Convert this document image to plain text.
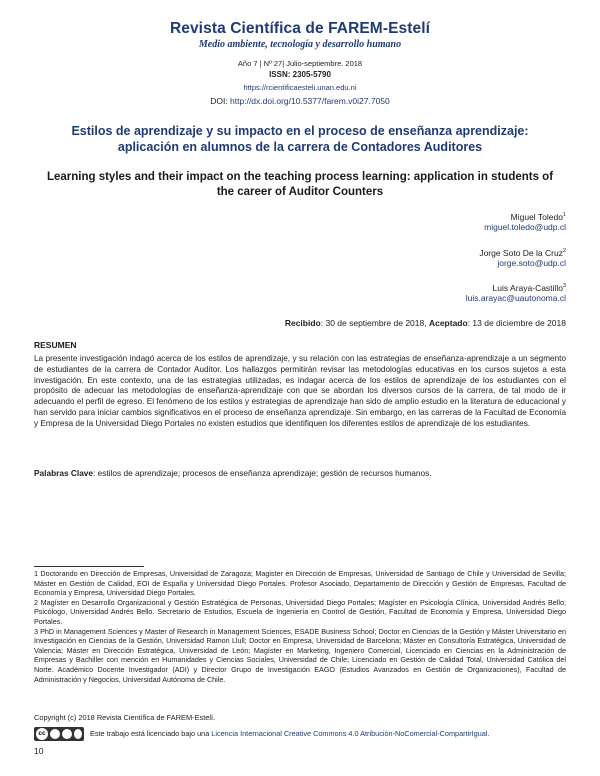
Revista Científica de FAREM-Estelí
Medio ambiente, tecnología y desarrollo humano
Año 7 | Nº 27| Julio-septiembre. 2018
ISSN: 2305-5790
https://rcientificaesteli.unan.edu.ni
DOI: http://dx.doi.org/10.5377/farem.v0i27.7050
Estilos de aprendizaje y su impacto en el proceso de enseñanza aprendizaje: aplicación en alumnos de la carrera de Contadores Auditores
Learning styles and their impact on the teaching process learning: application in students of the career of Auditor Counters
Miguel Toledo$^1$
miguel.toledo@udp.cl
Jorge Soto De la Cruz$^2$
jorge.soto@udp.cl
Luis Araya-Castillo$^3$
luis.arayac@uautonoma.cl
Recibido: 30 de septiembre de 2018, Aceptado: 13 de diciembre de 2018
RESUMEN
La presente investigación indagó acerca de los estilos de aprendizaje, y su relación con las estrategias de enseñanza-aprendizaje a un segmento de estudiantes de la carrera de Contador Auditor. Los hallazgos permitirán revisar las metodologías educativas en los cursos sujetos a esta investigación. En este contexto, una de las estrategias utilizadas, es indagar acerca de los estilos de aprendizaje de los estudiantes con el propósito de adecuar las metodologías de enseñanza-aprendizaje con que se abordan los diversos cursos de la carrera, de tal modo de ir adecuando el perfil de egreso. El fenómeno de los estilos y estrategias de aprendizaje han sido de amplio estudio en la literatura de educacional y han servido para iniciar cambios significativos en el proceso de enseñanza aprendizaje. Sin embargo, en las carreras de la Facultad de Economía y Empresa de la Universidad Diego Portales no existen estudios que identifiquen los diferentes estilos de aprendizaje de los estudiantes.
Palabras Clave: estilos de aprendizaje; procesos de enseñanza aprendizaje; gestión de recursos humanos.

1 Doctorando en Dirección de Empresas, Universidad de Zaragoza; Magister en Dirección de Empresas, Universidad de Santiago de Chile y Universidad de Sevilla; Máster en Gestión de Calidad, EOI de España y Universidad Diego Portales. Profesor Asociado, Departamento de Dirección y Gestión de Empresas, Facultad de Economía y Empresa, Universidad Diego Portales.

2 Magíster en Desarrollo Organizacional y Gestión Estratégica de Personas, Universidad Diego Portales; Magíster en Psicología Clínica, Universidad Andrés Bello; Psicólogo, Universidad Andrés Bello. Secretario de Estudios, Escuela de Ingeniería en Control de Gestión, Facultad de Economía y Empresa, Universidad Diego Portales.

3 PhD in Management Sciences y Master of Research in Management Sciences, ESADE Business School; Doctor en Ciencias de la Gestión y Máster Universitario en Investigación en Ciencias de la Gestión, Universidad Ramon Llull; Doctor en Empresa, Universidad de Barcelona; Máster en Consultoría Estratégica, Universidad de Valencia; Máster en Dirección Estratégica, Universidad de León; Magíster en Marketing, Ingeniero Comercial, Licenciado en Ciencias en la Administración de Empresas y Bachiller con mención en Humanidades y Ciencias Sociales, Universidad de Chile; Licenciado en Gestión de Calidad Total, Universidad Católica del Norte. Académico Docente Investigador (ADI) y Director Grupo de Investigación EAGO (Estudios Avanzados en Gestión de Organizaciones), Facultad de Administración y Negocios, Universidad Autónoma de Chile.

Copyright (c) 2018 Revista Científica de FAREM-Estelí.
cc	Este trabajo está licenciado bajo una Licencia Internacional Creative Commons 4.0 Atribución-NoComercial-CompartirIgual.
10
